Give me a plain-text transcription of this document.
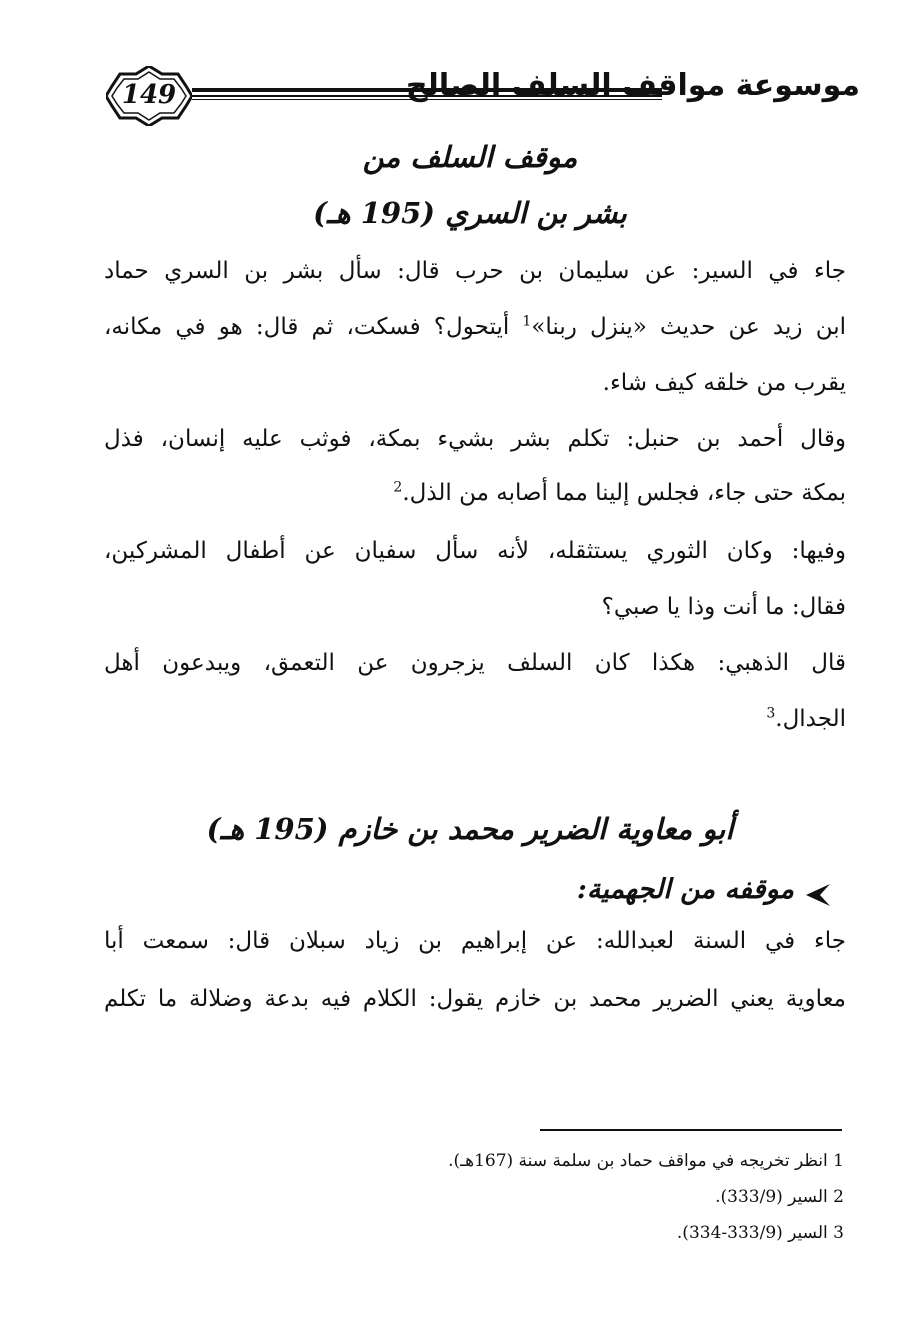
149	موسوعة مواقف السلف الصالح
موقف السلف من
بشر بن السري (195 هـ)
جاء في السير: عن سليمان بن حرب قال: سأل بشر بن السري حماد
ابن زيد عن حديث «ينزل ربنا»$^1$ أيتحول؟ فسكت، ثم قال: هو في مكانه،
يقرب من خلقه كيف شاء.
وقال أحمد بن حنبل: تكلم بشر بشيء بمكة، فوثب عليه إنسان، فذل
بمكة حتى جاء، فجلس إلينا مما أصابه من الذل.$^2$
وفيها: وكان الثوري يستثقله، لأنه سأل سفيان عن أطفال المشركين،
فقال: ما أنت وذا يا صبي؟
قال الذهبي: هكذا كان السلف يزجرون عن التعمق، ويبدعون أهل
الجدال.$^3$
أبو معاوية الضرير محمد بن خازم (195 هـ)
موقفه من الجهمية:
جاء في السنة لعبدالله: عن إبراهيم بن زياد سبلان قال: سمعت أبا
معاوية يعني الضرير محمد بن خازم يقول: الكلام فيه بدعة وضلالة ما تكلم
1 انظر تخريجه في مواقف حماد بن سلمة سنة (167هـ).
2 السير (333/9).
3 السير (333/9-334).
